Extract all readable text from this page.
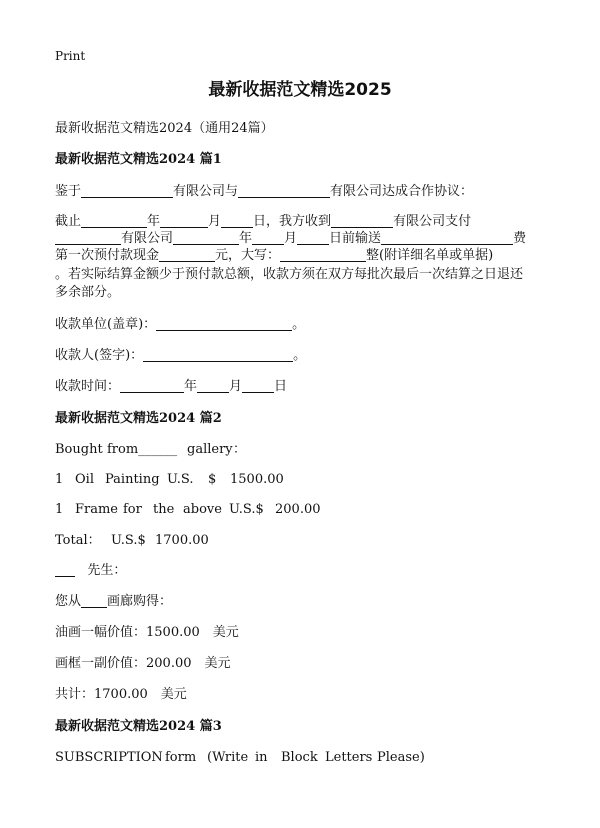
Print
最新收据范文精选2025
最新收据范文精选2024（通用24篇）
最新收据范文精选2024 篇1
鉴于	有限公司与	有限公司达成合作协议：
截止	年	月 日，我方收到	有限公司支付
有限公司	年 月 日前输送	费
第一次预付款现金	元，大写：	整(附详细名单或单据)
。若实际结算金额少于预付款总额，收款方须在双方每批次最后一次结算之日退还
多余部分。
收款单位(盖章)：	。
收款人(签字)：	。
收款时间：	年 月 日
最新收据范文精选2024 篇2
Bought from______ gallery：
1 Oil Painting U.S. $ 1500.00
1 Frame for the above U.S.$ 200.00
Total： U.S.$ 1700.00
先生：
您从 画廊购得：
油画一幅价值：1500.00　美元
画框一副价值：200.00　美元
共计：1700.00　美元
最新收据范文精选2024 篇3
SUBSCRIPTION form (Write in Block Letters Please)
